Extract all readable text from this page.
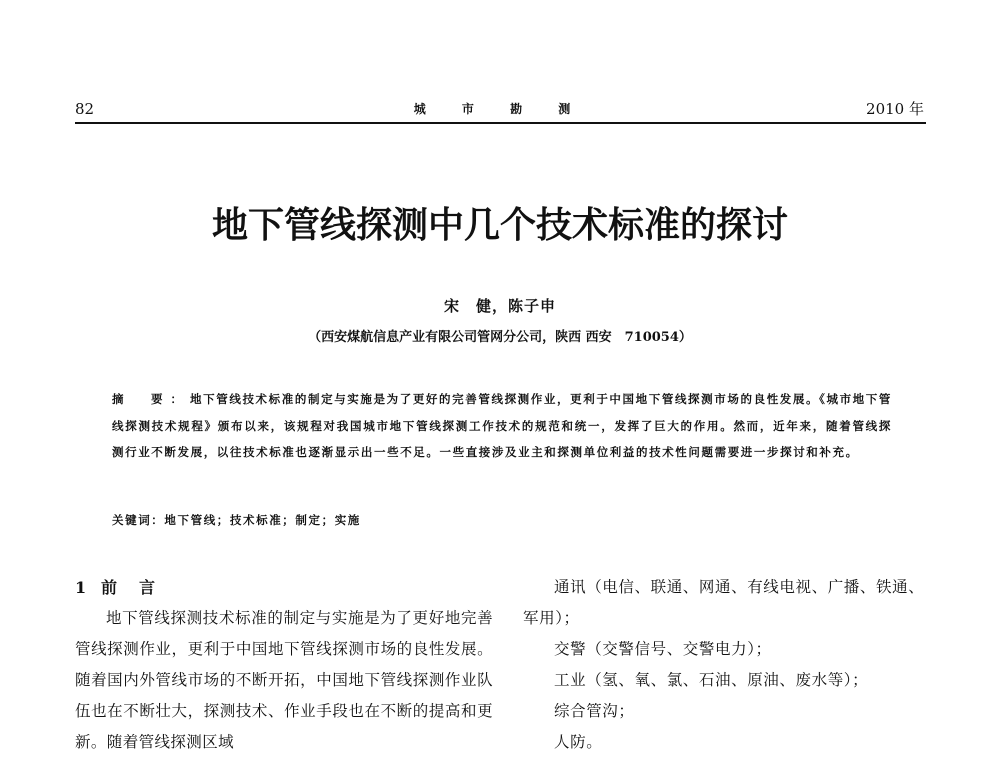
82	城 市 勘 测	2010 年
地下管线探测中几个技术标准的探讨
宋　健，陈子申
（西安煤航信息产业有限公司管网分公司，陕西 西安　710054）

摘　要：地下管线技术标准的制定与实施是为了更好的完善管线探测作业，更利于中国地下管线探测市场的良性发展。《城市地下管线探测技术规程》颁布以来，该规程对我国城市地下管线探测工作技术的规范和统一，发挥了巨大的作用。然而，近年来，随着管线探测行业不断发展，以往技术标准也逐渐显示出一些不足。一些直接涉及业主和探测单位利益的技术性问题需要进一步探讨和补充。

关键词：地下管线；技术标准；制定；实施

1 前言

地下管线探测技术标准的制定与实施是为了更好地完善管线探测作业，更利于中国地下管线探测市场的良性发展。随着国内外管线市场的不断开拓，中国地下管线探测作业队伍也在不断壮大，探测技术、作业手段也在不断的提高和更新。随着管线探测区域

通讯（电信、联通、网通、有线电视、广播、铁通、军用）；

交警（交警信号、交警电力）；

工业（氢、氧、氯、石油、原油、废水等）；

综合管沟；

人防。
